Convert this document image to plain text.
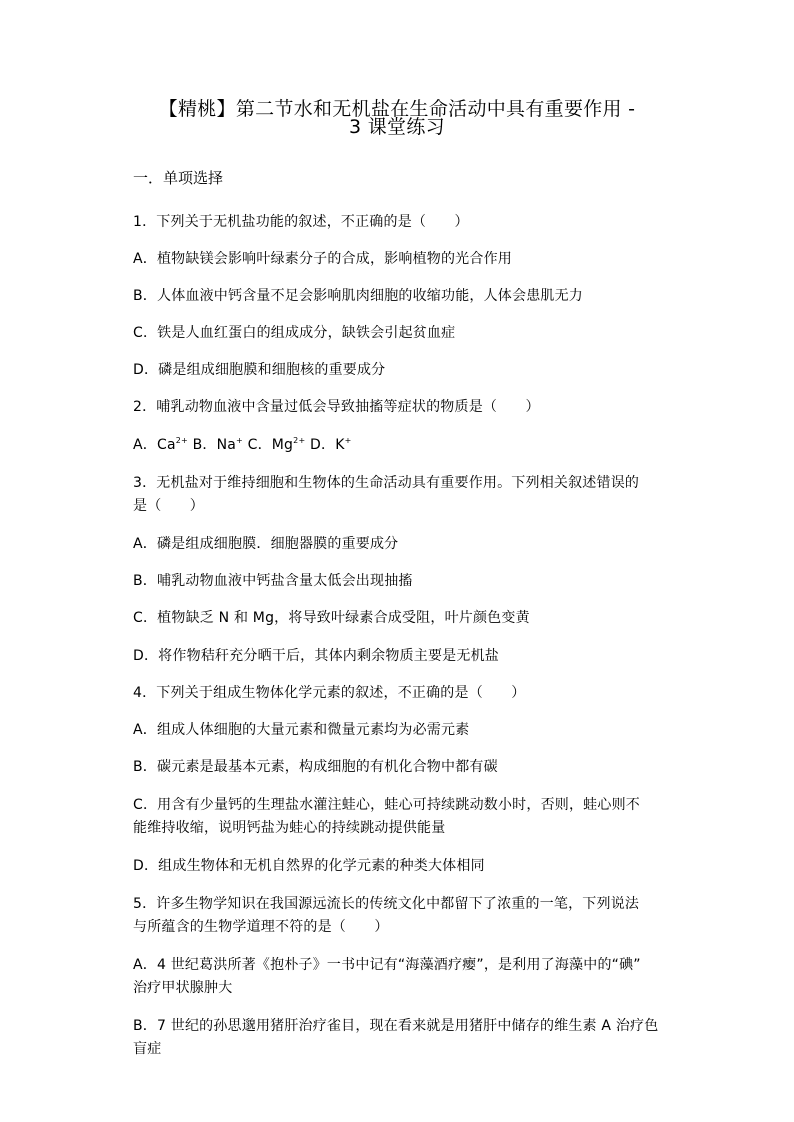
【精桃】第二节水和无机盐在生命活动中具有重要作用 -
3 课堂练习
一．单项选择
1．下列关于无机盐功能的叙述，不正确的是（　　）
A．植物缺镁会影响叶绿素分子的合成，影响植物的光合作用
B．人体血液中钙含量不足会影响肌肉细胞的收缩功能，人体会患肌无力
C．铁是人血红蛋白的组成成分，缺铁会引起贫血症
D．磷是组成细胞膜和细胞核的重要成分
2．哺乳动物血液中含量过低会导致抽搐等症状的物质是（　　）
A．$Ca^{2+}$ B．Na+ C．$Mg^{2+}$ D．K+
3．无机盐对于维持细胞和生物体的生命活动具有重要作用。下列相关叙述错误的
是（　　）
A．磷是组成细胞膜．细胞器膜的重要成分
B．哺乳动物血液中钙盐含量太低会出现抽搐
C．植物缺乏 N 和 Mg，将导致叶绿素合成受阻，叶片颜色变黄
D．将作物秸秆充分晒干后，其体内剩余物质主要是无机盐
4．下列关于组成生物体化学元素的叙述，不正确的是（　　）
A．组成人体细胞的大量元素和微量元素均为必需元素
B．碳元素是最基本元素，构成细胞的有机化合物中都有碳
C．用含有少量钙的生理盐水灌注蛙心，蛙心可持续跳动数小时，否则，蛙心则不
能维持收缩，说明钙盐为蛙心的持续跳动提供能量
D．组成生物体和无机自然界的化学元素的种类大体相同
5．许多生物学知识在我国源远流长的传统文化中都留下了浓重的一笔，下列说法
与所蕴含的生物学道理不符的是（　　）
A．4 世纪葛洪所著《抱朴子》一书中记有“海藻酒疗瘿”，是利用了海藻中的“碘”
治疗甲状腺肿大
B．7 世纪的孙思邈用猪肝治疗雀目，现在看来就是用猪肝中储存的维生素 A 治疗色
盲症
